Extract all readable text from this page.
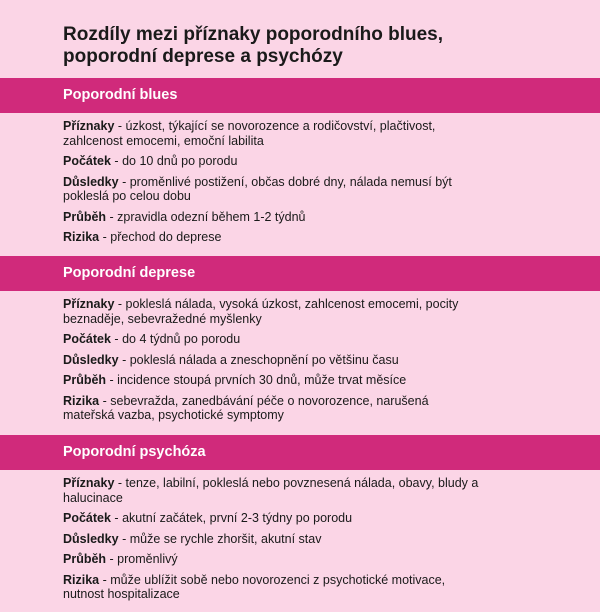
Rozdíly mezi příznaky poporodního blues,
poporodní deprese a psychózy
Poporodní blues
Příznaky - úzkost, týkající se novorozence a rodičovství, plačtivost, zahlcenost emocemi, emoční labilita
Počátek - do 10 dnů po porodu
Důsledky - proměnlivé postižení, občas dobré dny, nálada nemusí být pokleslá po celou dobu
Průběh - zpravidla odezní během 1-2 týdnů
Rizika - přechod do deprese
Poporodní deprese
Příznaky - pokleslá nálada, vysoká úzkost, zahlcenost emocemi, pocity beznaděje, sebevražedné myšlenky
Počátek - do 4 týdnů po porodu
Důsledky - pokleslá nálada a zneschopnění po většinu času
Průběh - incidence stoupá prvních 30 dnů, může trvat měsíce
Rizika - sebevražda, zanedbávání péče o novorozence, narušená mateřská vazba, psychotické symptomy
Poporodní psychóza
Příznaky - tenze, labilní, pokleslá nebo povznesená nálada, obavy, bludy a halucinace
Počátek - akutní začátek, první 2-3 týdny po porodu
Důsledky - může se rychle zhoršit, akutní stav
Průběh - proměnlivý
Rizika - může ublížit sobě nebo novorozenci z psychotické motivace, nutnost hospitalizace
